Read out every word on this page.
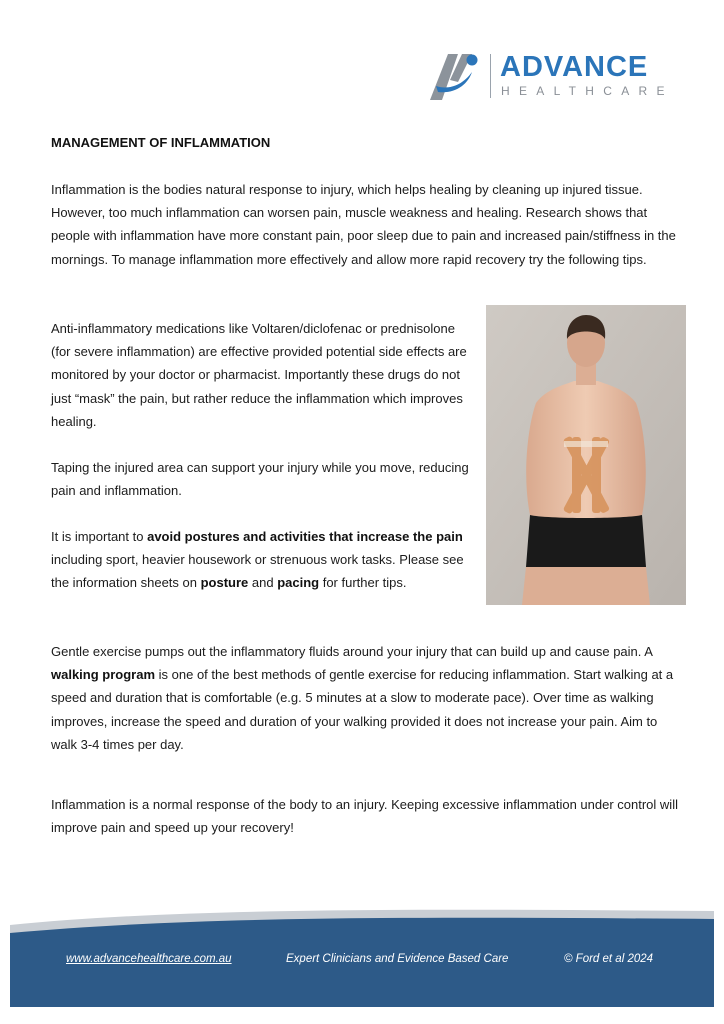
ADVANCE
HEALTHCARE
MANAGEMENT OF INFLAMMATION

Inflammation is the bodies natural response to injury, which helps healing by cleaning up injured tissue. However, too much inflammation can worsen pain, muscle weakness and healing. Research shows that people with inflammation have more constant pain, poor sleep due to pain and increased pain/stiffness in the mornings. To manage inflammation more effectively and allow more rapid recovery try the following tips.

Anti-inflammatory medications like Voltaren/diclofenac or prednisolone (for severe inflammation) are effective provided potential side effects are monitored by your doctor or pharmacist. Importantly these drugs do not just “mask” the pain, but rather reduce the inflammation which improves healing.

Taping the injured area can support your injury while you move, reducing pain and inflammation.

It is important to avoid postures and activities that increase the pain including sport, heavier housework or strenuous work tasks. Please see the information sheets on posture and pacing for further tips.

Gentle exercise pumps out the inflammatory fluids around your injury that can build up and cause pain. A walking program is one of the best methods of gentle exercise for reducing inflammation. Start walking at a speed and duration that is comfortable (e.g. 5 minutes at a slow to moderate pace). Over time as walking improves, increase the speed and duration of your walking provided it does not increase your pain. Aim to walk 3-4 times per day.

Inflammation is a normal response of the body to an injury. Keeping excessive inflammation under control will improve pain and speed up your recovery!

www.advancehealthcare.com.au	Expert Clinicians and Evidence Based Care	© Ford et al 2024
